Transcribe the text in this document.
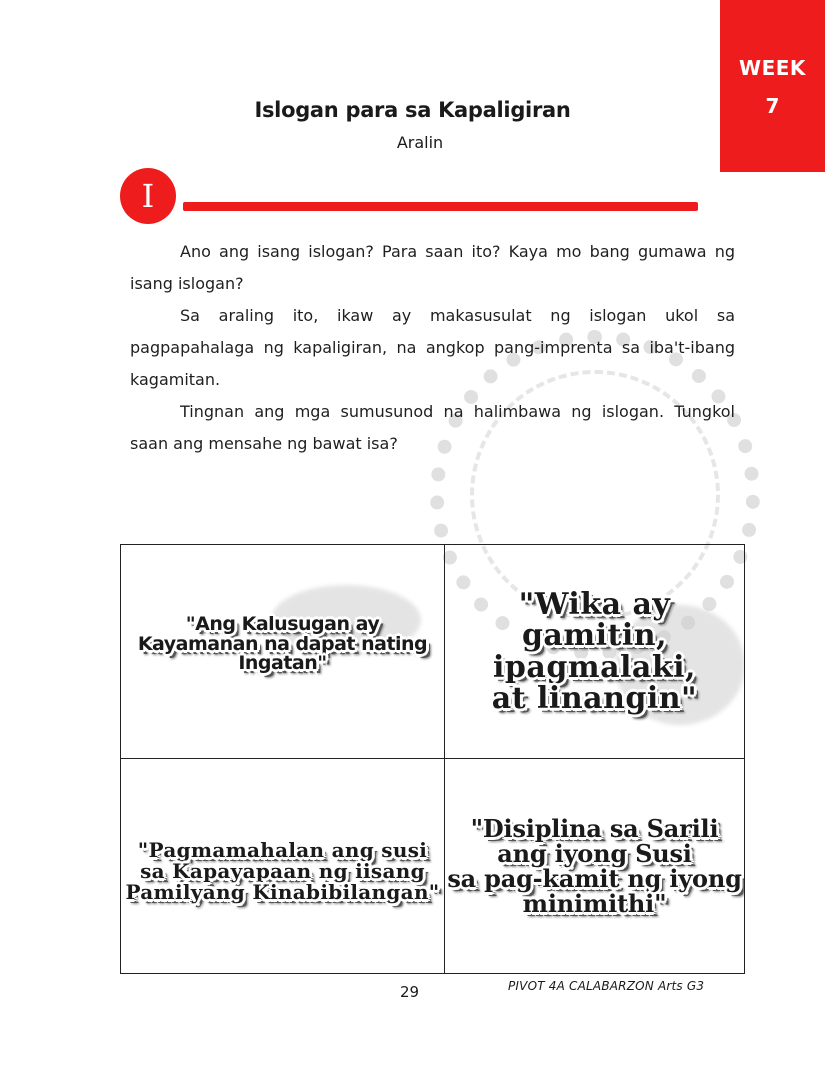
WEEK
7
Islogan para sa Kapaligiran
Aralin
I

Ano ang isang islogan? Para saan ito? Kaya mo bang gumawa ng isang islogan?

Sa araling ito, ikaw ay makasusulat ng islogan ukol sa pagpapahalaga ng kapaligiran, na angkop pang-imprenta sa iba't-ibang kagamitan.

Tingnan ang mga sumusunod na halimbawa ng islogan. Tungkol saan ang mensahe ng bawat isa?

"Ang Kalusugan ay
Kayamanan na dapat nating Ingatan"
"Wika ay gamitin,
ipagmalaki,
at linangin"
"Pagmamahalan ang susi
sa Kapayapaan ng iisang
Pamilyang Kinabibilangan"
"Disiplina sa Sarili
ang iyong Susi
sa pag-kamit ng iyong
minimithi"
29	PIVOT 4A CALABARZON Arts G3
